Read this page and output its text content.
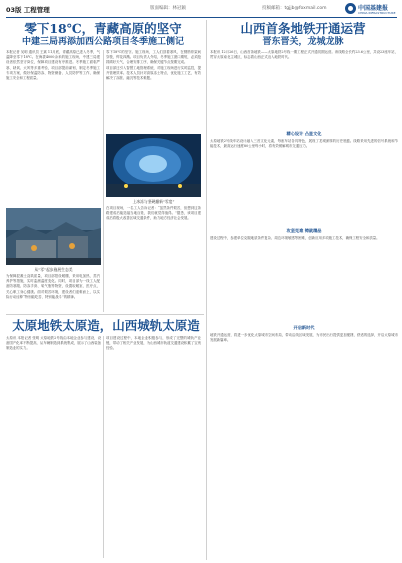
03版 工程管理	版面编辑：林冠颖	投稿邮箱：tgjjb@foxmail.com	中国基建报
CHINA INFRASTRUCTURE
零下18℃，青藏高原的坚守
中建三局再添加西公路项目冬季施工侧记
本报记者 吴明 通讯员 王斌 11月底，青藏高原已进入冬季，气温降至零下18℃。在海拔4000余米的施工现场，中建三局建设者依然坚守岗位，保障项目建设有序推进。冬季施工面临严寒、缺氧、大风等多重考验，项目部提前谋划，制定冬季施工专项方案，做好保温防冻、物资储备、人员防护等工作，确保施工安全和工程质量。
从“零”起步施展生态美
为保障混凝土浇筑质量，项目部搭设暖棚，采用电加热、蒸汽养护等措施，实时监测温度变化。同时，项目部为一线工人配备防寒服、防冻手套、氧气瓶等物资，设置取暖室、医疗点，关心职工身心健康。面对艰苦环境，建设者们迎难而上，以实际行动诠释“特别能吃苦、特别能战斗”的精神。
零下18℃的坚守。施工现场，工人们顶着寒风，在钢筋骨架间穿梭，焊花四溅。项目负责人介绍，冬季施工窗口期短，必须抢抓晴好天气，合理安排工序，确保关键节点按期完成。
项目部还引入智慧工地管理系统，对施工现场进行实时监控，提升管理效率。技术人员针对高原冻土特点，优化施工工艺，有效解决了冻胀、融沉等技术难题。
上冰冻与坚硬翻新“零度”
在项目现场，一名工人告诉记者：“虽然条件艰苦，但想到这条路建成后能造福当地百姓，我们就觉得值得。”据悉，该项目建成后将极大改善区域交通条件，助力地方经济社会发展。
山西首条地铁开通运营
晋东晋关，龙城龙脉
本报讯 12月26日，山西首条地铁——太原地铁2号线一期工程正式开通初期运营。该线路全长约23.6公里，共设23座车站，贯穿太原南北主城区，标志着山西正式迈入地铁时代。
精心设计 凸显文化
太原地铁2号线车站设计融入三晋文化元素，每座车站各具特色，展现了龙城深厚的历史底蕴。线路采用先进的信号系统和节能技术，最高运行速度80公里每小时，将有效缓解城市交通压力。
攻坚克难 铸就精品
建设过程中，参建单位克服地质条件复杂、周边环境敏感等困难，创新应用多项施工技术，确保工程安全和质量。
开启新时代
地铁开通运营，将进一步优化太原城市空间布局，带动沿线区域发展，为市民出行提供更加便捷、舒适的选择，开启太原城市发展新篇章。
太原地铁太原造，山西城轨太原造
太原讯 本报记者 张明 太原地铁2号线由本地企业参与建设，设备国产化率不断提高，从车辆制造到系统集成，展示了山西装备制造业的实力。
项目建设过程中，本地企业积极参与，形成了完整的城轨产业链，带动了相关产业发展，为山西城市轨道交通建设积累了宝贵经验。
